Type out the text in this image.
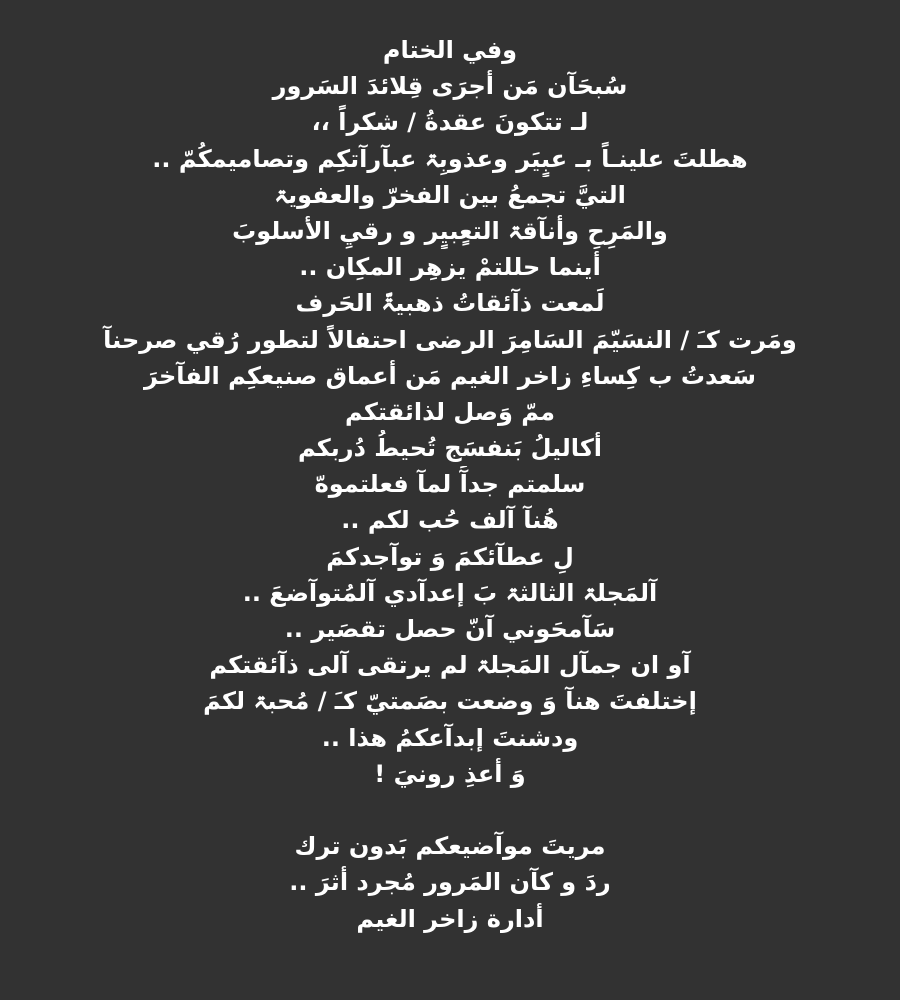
وفي الختام
سُبحَآن مَن أجرَى قِلائدَ السَرور
لـ تتكونَ عقدةُ / شكراً ،،
هطلتَ علينـاً بـ عبٍيَر وعذوبِۃ عبآرآتكِم وتصاميمكُمّ ..
التيَّ تجمعُ بين الفخرّ والعفويۃ
والمَرِحِ وأنآقۃ التعٍبيٍر و رقيِ الأسلوبَ
أينما حللتمْ يزهِر المكِان ..
لَمعت ذآئقاتُ ذهبيۃّ الحَرف
ومَرت كـَ / النسَيّمَ السَامِرَ الرضى احتفالاً لتطور رُقي صرحنآ
سَعدتُ ب كِساءِ زاخر الغيم مَن أعماق صنيعكِم الفآخرَ
ممّ وَصل لذائقتكم
أكاليلُ بَنفسَج تُحيطُ دُربكم
سلمتم جدآً لمآ فعلتموهّ
هُنآ آلف حُب لكم ..
لِ عطآئكمَ وَ توآجدكمَ
آلمَجلۃ الثالثۃ بَ إعدآدي آلمُتوآضعَ ..
سَآمحَوني آنّ حصل تقصَير ..
آو ان جمآل المَجلۃ لم يرتقى آلى ذآئقتكم
إختلفتَ هنآ وَ وضعت بصَمتيّ كـَ / مُحبۃ لكمَ
ودشنتَ إبدآعكمُ هذا ..
وَ أعذِ رونيَ !
مريتَ موآضيعكم بَدون ترك
ردَ و كآن المَرور مُجرد أثرَ ..
أدارة زاخر الغيم
